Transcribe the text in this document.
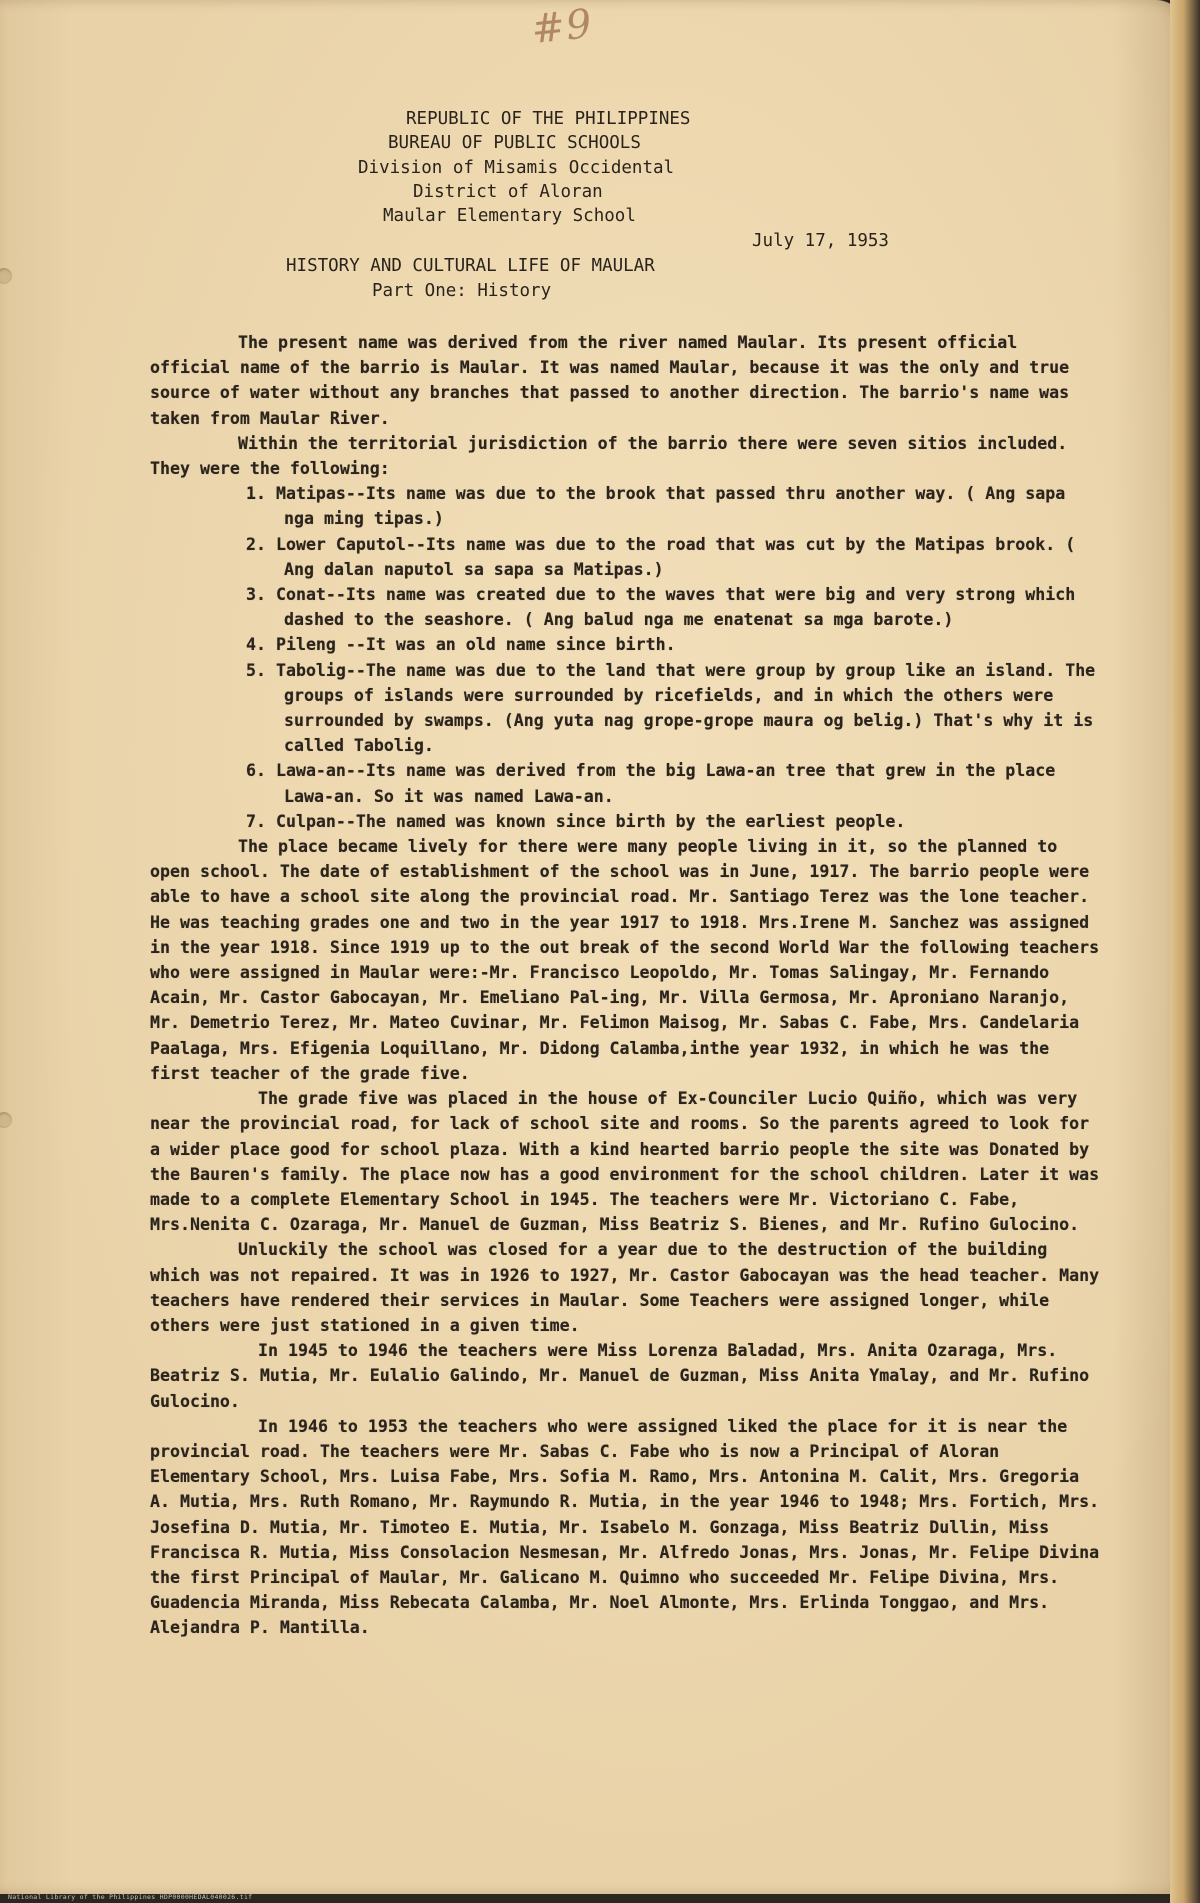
#9
REPUBLIC OF THE PHILIPPINES
BUREAU OF PUBLIC SCHOOLS
Division of Misamis Occidental
District of Aloran
Maular Elementary School
July 17, 1953
HISTORY AND CULTURAL LIFE OF MAULAR
Part One: History

The present name was derived from the river named Maular. Its present official official name of the barrio is Maular. It was named Maular, because it was the only and true source of water without any branches that passed to another direction. The barrio's name was taken from Maular River.

Within the territorial jurisdiction of the barrio there were seven sitios included. They were the following:

1. Matipas--Its name was due to the brook that passed thru another way. ( Ang sapa nga ming tipas.)

2. Lower Caputol--Its name was due to the road that was cut by the Matipas brook. ( Ang dalan naputol sa sapa sa Matipas.)

3. Conat--Its name was created due to the waves that were big and very strong which dashed to the seashore. ( Ang balud nga me enatenat sa mga barote.)

4. Pileng --It was an old name since birth.

5. Tabolig--The name was due to the land that were group by group like an island. The groups of islands were surrounded by ricefields, and in which the others were surrounded by swamps. (Ang yuta nag grope-grope maura og belig.) That's why it is called Tabolig.

6. Lawa-an--Its name was derived from the big Lawa-an tree that grew in the place Lawa-an. So it was named Lawa-an.

7. Culpan--The named was known since birth by the earliest people.

The place became lively for there were many people living in it, so the planned to open school. The date of establishment of the school was in June, 1917. The barrio people were able to have a school site along the provincial road. Mr. Santiago Terez was the lone teacher. He was teaching grades one and two in the year 1917 to 1918. Mrs.Irene M. Sanchez was assigned in the year 1918. Since 1919 up to the out break of the second World War the following teachers who were assigned in Maular were:-Mr. Francisco Leopoldo, Mr. Tomas Salingay, Mr. Fernando Acain, Mr. Castor Gabocayan, Mr. Emeliano Pal-ing, Mr. Villa Germosa, Mr. Aproniano Naranjo, Mr. Demetrio Terez, Mr. Mateo Cuvinar, Mr. Felimon Maisog, Mr. Sabas C. Fabe, Mrs. Candelaria Paalaga, Mrs. Efigenia Loquillano, Mr. Didong Calamba,inthe year 1932, in which he was the first teacher of the grade five.

The grade five was placed in the house of Ex-Counciler Lucio Quiño, which was very near the provincial road, for lack of school site and rooms. So the parents agreed to look for a wider place good for school plaza. With a kind hearted barrio people the site was Donated by the Bauren's family. The place now has a good environment for the school children. Later it was made to a complete Elementary School in 1945. The teachers were Mr. Victoriano C. Fabe, Mrs.Nenita C. Ozaraga, Mr. Manuel de Guzman, Miss Beatriz S. Bienes, and Mr. Rufino Gulocino.

Unluckily the school was closed for a year due to the destruction of the building which was not repaired. It was in 1926 to 1927, Mr. Castor Gabocayan was the head teacher. Many teachers have rendered their services in Maular. Some Teachers were assigned longer, while others were just stationed in a given time.

In 1945 to 1946 the teachers were Miss Lorenza Baladad, Mrs. Anita Ozaraga, Mrs. Beatriz S. Mutia, Mr. Eulalio Galindo, Mr. Manuel de Guzman, Miss Anita Ymalay, and Mr. Rufino Gulocino.

In 1946 to 1953 the teachers who were assigned liked the place for it is near the provincial road. The teachers were Mr. Sabas C. Fabe who is now a Principal of Aloran Elementary School, Mrs. Luisa Fabe, Mrs. Sofia M. Ramo, Mrs. Antonina M. Calit, Mrs. Gregoria A. Mutia, Mrs. Ruth Romano, Mr. Raymundo R. Mutia, in the year 1946 to 1948; Mrs. Fortich, Mrs. Josefina D. Mutia, Mr. Timoteo E. Mutia, Mr. Isabelo M. Gonzaga, Miss Beatriz Dullin, Miss Francisca R. Mutia, Miss Consolacion Nesmesan, Mr. Alfredo Jonas, Mrs. Jonas, Mr. Felipe Divina the first Principal of Maular, Mr. Galicano M. Quimno who succeeded Mr. Felipe Divina, Mrs. Guadencia Miranda, Miss Rebecata Calamba, Mr. Noel Almonte, Mrs. Erlinda Tonggao, and Mrs. Alejandra P. Mantilla.

National Library of the Philippines HDP0000HEDAL040026.tif
